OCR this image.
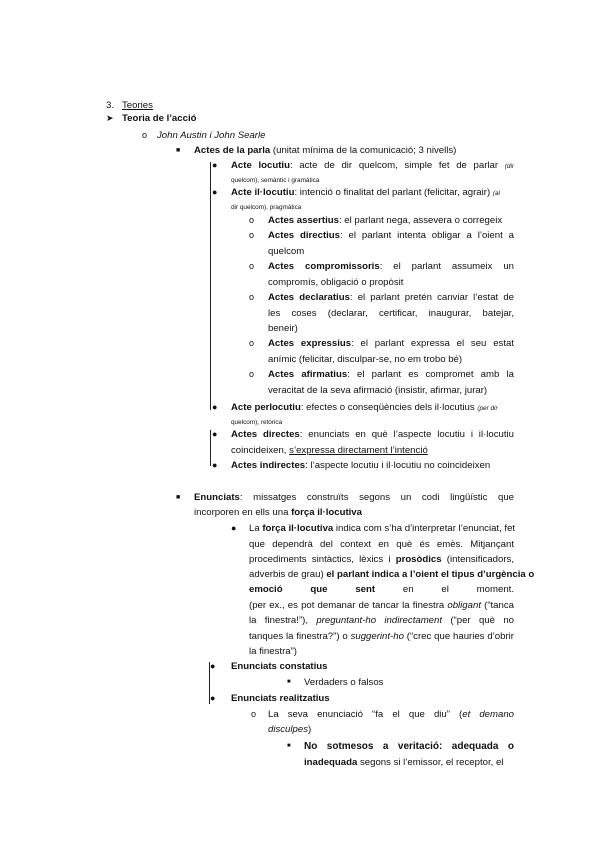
3. Teories
➤ Teoria de l’acció
o John Austin i John Searle
■ Actes de la parla (unitat mínima de la comunicació; 3 nivells)
● Acte locutiu: acte de dir quelcom, simple fet de parlar (dir
quelcom), semàntic i gramàtica
● Acte il·locutiu: intenció o finalitat del parlant (felicitar, agrair) (al
dir quelcom), pragmàtica
o Actes assertius: el parlant nega, assevera o corregeix
o Actes directius: el parlant intenta obligar a l’oient a
quelcom
o Actes compromissoris: el parlant assumeix un
compromís, obligació o propòsit
o Actes declaratius: el parlant pretén canviar l’estat de
les coses (declarar, certificar, inaugurar, batejar,
beneir)
o Actes expressius: el parlant expressa el seu estat
anímic (felicitar, disculpar-se, no em trobo bé)
o Actes afirmatius: el parlant es compromet amb la
veracitat de la seva afirmació (insistir, afirmar, jurar)
● Acte perlocutiu: efectes o conseqüències dels il·locutius (per dir
quelcom), retòrica
● Actes directes: enunciats en què l’aspecte locutiu i il·locutiu
coincideixen, s’expressa directament l’intenció
● Actes indirectes: l’aspecte locutiu i il·locutiu no coincideixen
■ Enunciats: missatges construïts segons un codi lingüístic que
incorporen en ells una força il·locutiva
● La força il·locutiva indica com s’ha d’interpretar l’enunciat, fet
que dependrà del context en què és emès. Mitjançant
procediments sintàctics, lèxics i prosòdics (intensificadors,
adverbis de grau) el parlant indica a l’oient el tipus d’urgència o
emoció	que	sent	en	el	moment.
(per ex., es pot demanar de tancar la finestra obligant (“tanca
la finestra!”), preguntant-ho indirectament (“per què no
tanques la finestra?”) o suggerint-ho (“crec que hauries d’obrir
la finestra”)
● Enunciats constatius
■ Verdaders o falsos
● Enunciats realitzatius
o La seva enunciació “fa el que diu” (et demano
disculpes)
■ No sotmesos a veritació: adequada o
inadequada segons si l’emissor, el receptor, el
